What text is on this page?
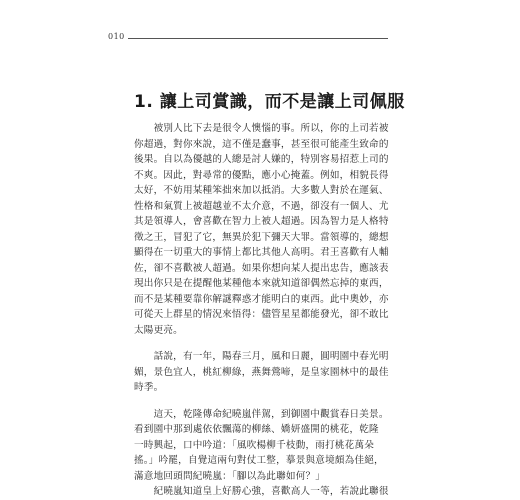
010
1. 讓上司賞識，而不是讓上司佩服
　　被別人比下去是很令人懊惱的事。所以，你的上司若被
你超過，對你來說，這不僅是蠢事，甚至很可能產生致命的
後果。自以為優越的人總是討人嫌的，特別容易招惹上司的
不爽。因此，對尋常的優點，應小心掩蓋。例如，相貌長得
太好，不妨用某種笨拙來加以抵消。大多數人對於在運氣、
性格和氣質上被超越並不太介意，不過，卻沒有一個人、尤
其是領導人，會喜歡在智力上被人超過。因為智力是人格特
徵之王，冒犯了它，無異於犯下彌天大罪。當領導的，總想
顯得在一切重大的事情上都比其他人高明。君王喜歡有人輔
佐，卻不喜歡被人超過。如果你想向某人提出忠告，應該表
現出你只是在提醒他某種他本來就知道卻偶然忘掉的東西，
而不是某種要靠你解謎釋惑才能明白的東西。此中奧妙，亦
可從天上群星的情況來悟得：儘管星星都能發光，卻不敢比
太陽更亮。
　　話說，有一年，陽春三月，風和日麗，圓明園中春光明
媚，景色宜人，桃紅柳綠，燕舞鶯啼，是皇家園林中的最佳
時季。
　　這天，乾隆傳命紀曉嵐伴駕，到御園中觀賞春日美景。
看到園中那到處依依飄蕩的柳絲、嬌妍盛開的桃花，乾隆
一時興起，口中吟道：「風吹楊柳千枝動，雨打桃花萬朵
搖。」吟罷，自覺這兩句對仗工整，摹景與意境頗為佳絕，
滿意地回頭問紀曉嵐：「腳以為此聯如何？」
　　紀曉嵐知道皇上好勝心強，喜歡高人一等，若說此聯很
